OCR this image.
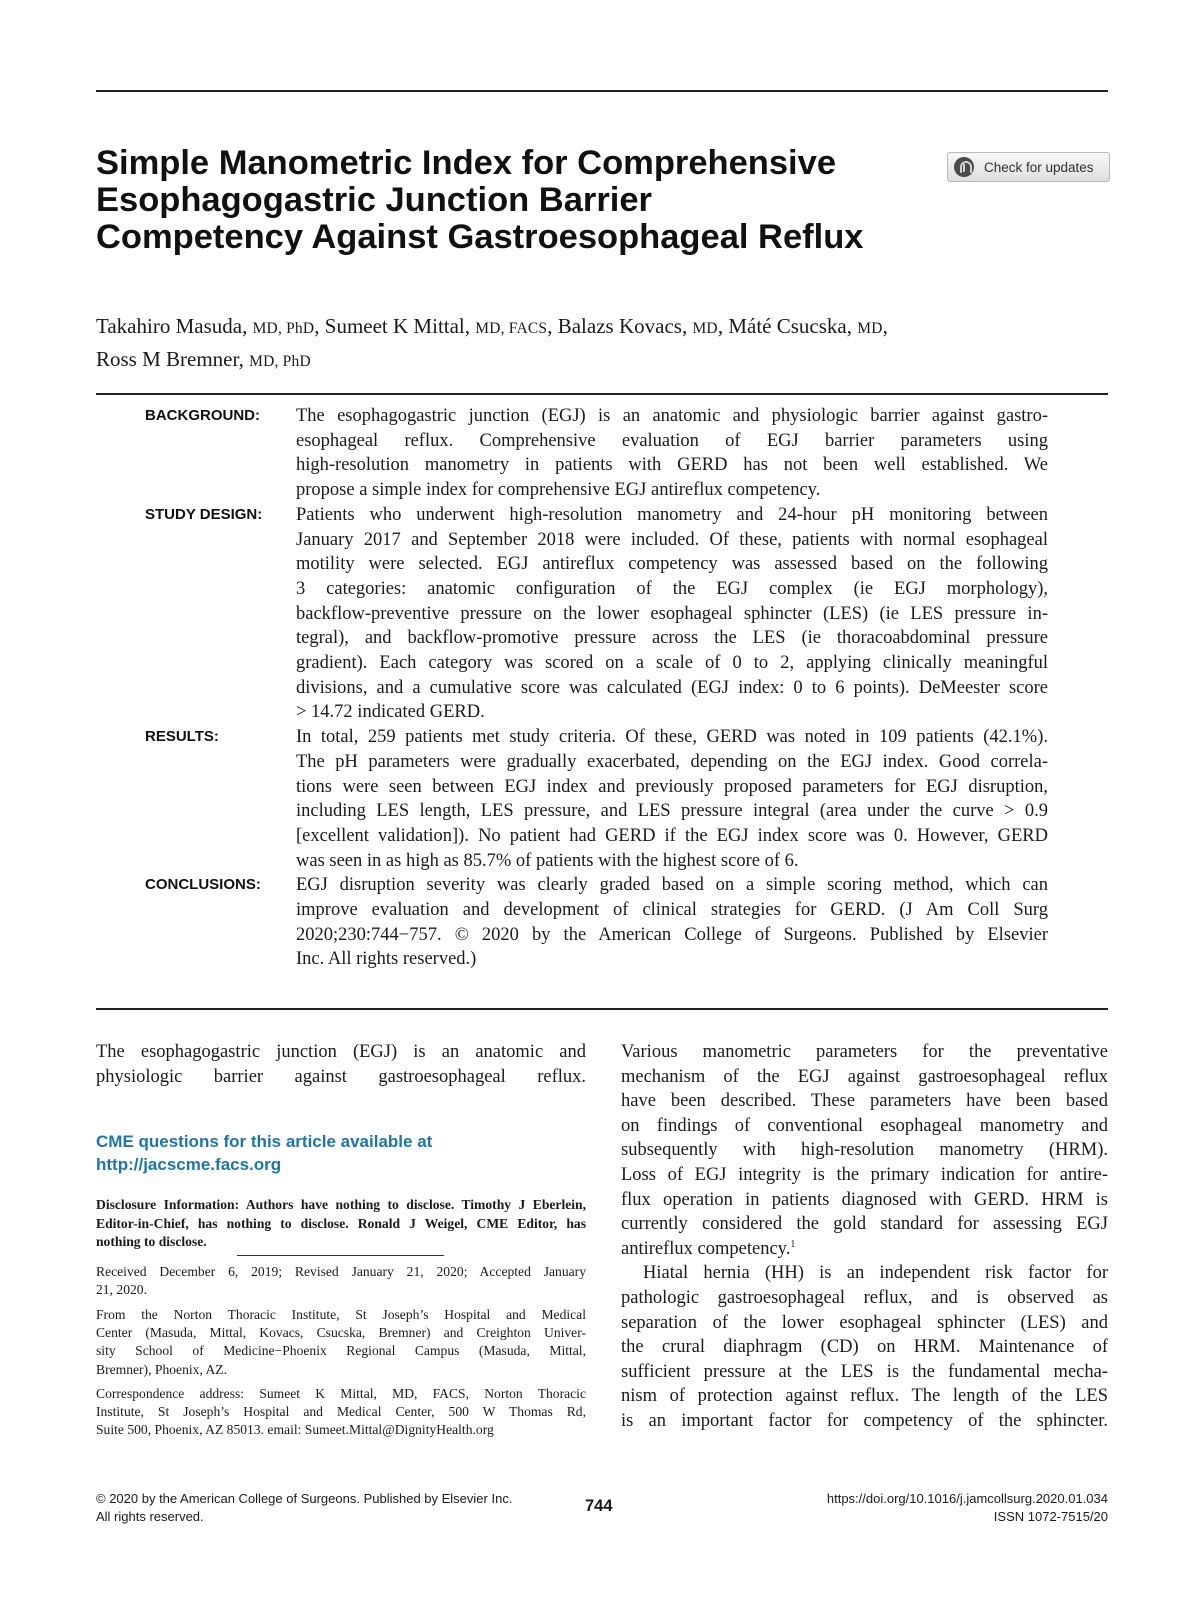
Simple Manometric Index for Comprehensive
Esophagogastric Junction Barrier
Competency Against Gastroesophageal Reflux
Check for updates
Takahiro Masuda, MD, PhD, Sumeet K Mittal, MD, FACS, Balazs Kovacs, MD, Máté Csucska, MD,
Ross M Bremner, MD, PhD
BACKGROUND: The esophagogastric junction (EGJ) is an anatomic and physiologic barrier against gastro-
esophageal reflux. Comprehensive evaluation of EGJ barrier parameters using
high-resolution manometry in patients with GERD has not been well established. We
propose a simple index for comprehensive EGJ antireflux competency.
STUDY DESIGN: Patients who underwent high-resolution manometry and 24-hour pH monitoring between
January 2017 and September 2018 were included. Of these, patients with normal esophageal
motility were selected. EGJ antireflux competency was assessed based on the following
3 categories: anatomic configuration of the EGJ complex (ie EGJ morphology),
backflow-preventive pressure on the lower esophageal sphincter (LES) (ie LES pressure in-
tegral), and backflow-promotive pressure across the LES (ie thoracoabdominal pressure
gradient). Each category was scored on a scale of 0 to 2, applying clinically meaningful
divisions, and a cumulative score was calculated (EGJ index: 0 to 6 points). DeMeester score
> 14.72 indicated GERD.
RESULTS:	In total, 259 patients met study criteria. Of these, GERD was noted in 109 patients (42.1%).
The pH parameters were gradually exacerbated, depending on the EGJ index. Good correla-
tions were seen between EGJ index and previously proposed parameters for EGJ disruption,
including LES length, LES pressure, and LES pressure integral (area under the curve > 0.9
[excellent validation]). No patient had GERD if the EGJ index score was 0. However, GERD
was seen in as high as 85.7% of patients with the highest score of 6.
CONCLUSIONS: EGJ disruption severity was clearly graded based on a simple scoring method, which can
improve evaluation and development of clinical strategies for GERD. (J Am Coll Surg
2020;230:744−757. © 2020 by the American College of Surgeons. Published by Elsevier
Inc. All rights reserved.)
The esophagogastric junction (EGJ) is an anatomic and
physiologic barrier against gastroesophageal reflux.
CME questions for this article available at
http://jacscme.facs.org
Disclosure Information: Authors have nothing to disclose. Timothy J Eberlein,
Editor-in-Chief, has nothing to disclose. Ronald J Weigel, CME Editor, has
nothing to disclose.
Received December 6, 2019; Revised January 21, 2020; Accepted January
21, 2020.
From the Norton Thoracic Institute, St Joseph’s Hospital and Medical
Center (Masuda, Mittal, Kovacs, Csucska, Bremner) and Creighton Univer-
sity School of Medicine−Phoenix Regional Campus (Masuda, Mittal,
Bremner), Phoenix, AZ.
Correspondence address: Sumeet K Mittal, MD, FACS, Norton Thoracic
Institute, St Joseph’s Hospital and Medical Center, 500 W Thomas Rd,
Suite 500, Phoenix, AZ 85013. email: Sumeet.Mittal@DignityHealth.org
Various manometric parameters for the preventative
mechanism of the EGJ against gastroesophageal reflux
have been described. These parameters have been based
on findings of conventional esophageal manometry and
subsequently with high-resolution manometry (HRM).
Loss of EGJ integrity is the primary indication for antire-
flux operation in patients diagnosed with GERD. HRM is
currently considered the gold standard for assessing EGJ
antireflux competency.$^1$
Hiatal hernia (HH) is an independent risk factor for
pathologic gastroesophageal reflux, and is observed as
separation of the lower esophageal sphincter (LES) and
the crural diaphragm (CD) on HRM. Maintenance of
sufficient pressure at the LES is the fundamental mecha-
nism of protection against reflux. The length of the LES
is an important factor for competency of the sphincter.
© 2020 by the American College of Surgeons. Published by Elsevier Inc.
All rights reserved.
744	https://doi.org/10.1016/j.jamcollsurg.2020.01.034
ISSN 1072-7515/20
